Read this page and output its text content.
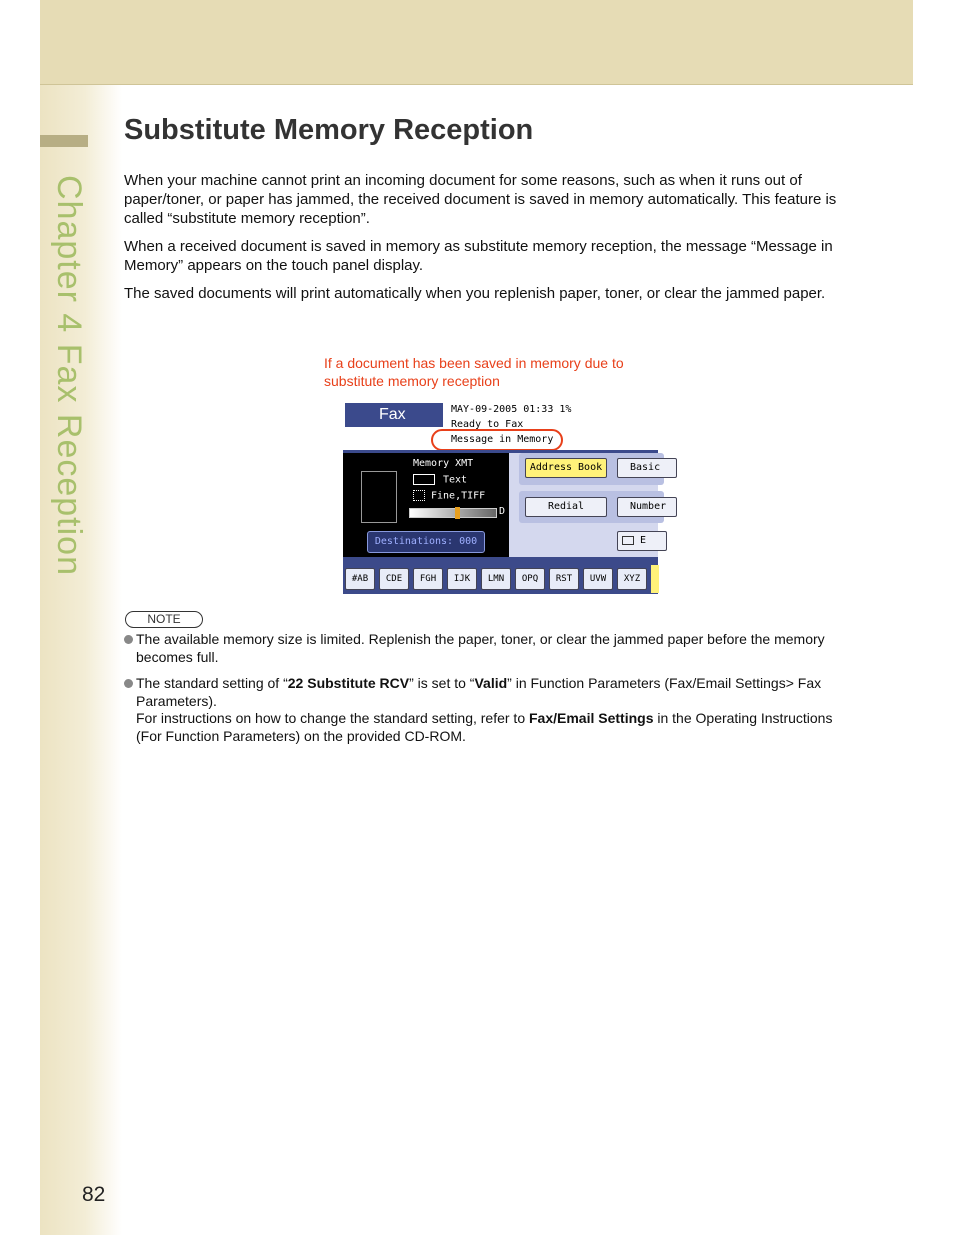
Chapter 4 Fax Reception
Substitute Memory Reception

When your machine cannot print an incoming document for some reasons, such as when it runs out of paper/toner, or paper has jammed, the received document is saved in memory automatically. This feature is called “substitute memory reception”.

When a received document is saved in memory as substitute memory reception, the message “Message in Memory” appears on the touch panel display.

The saved documents will print automatically when you replenish paper, toner, or clear the jammed paper.

If a document has been saved in memory due to substitute memory reception

Fax	MAY-09-2005 01:33 1%
Ready to Fax
Message in Memory
Memory XMT
Text
Fine,TIFF
D
Destinations: 000
Address Book	Basic
Redial	Number
E
#AB	CDE	FGH	IJK	LMN	OPQ	RST	UVW	XYZ
NOTE

The available memory size is limited. Replenish the paper, toner, or clear the jammed paper before the memory becomes full.

The standard setting of “22 Substitute RCV” is set to “Valid” in Function Parameters (Fax/Email Settings> Fax Parameters).
For instructions on how to change the standard setting, refer to Fax/Email Settings in the Operating Instructions (For Function Parameters) on the provided CD-ROM.

82
